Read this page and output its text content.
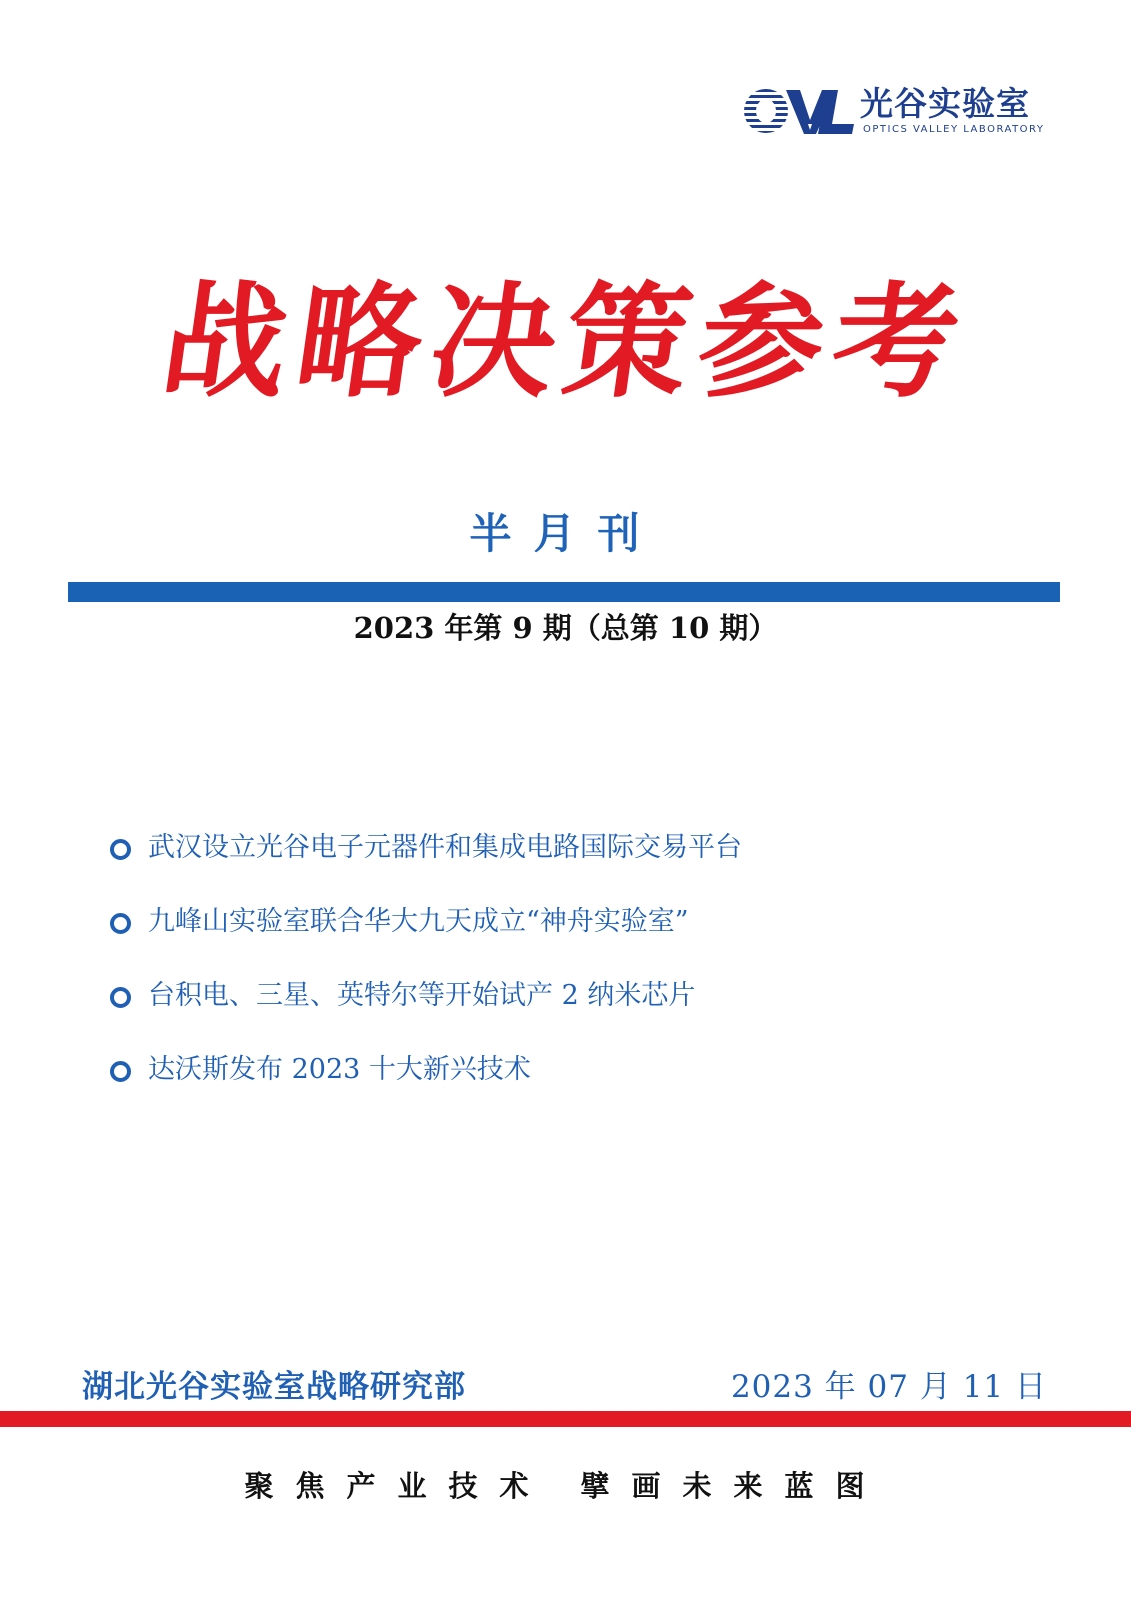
光谷实验室
OPTICS VALLEY LABORATORY
战略决策参考
半月刊
2023 年第 9 期（总第 10 期）
武汉设立光谷电子元器件和集成电路国际交易平台
九峰山实验室联合华大九天成立“神舟实验室”
台积电、三星、英特尔等开始试产 2 纳米芯片
达沃斯发布 2023 十大新兴技术
湖北光谷实验室战略研究部	2023 年 07 月 11 日
聚焦产业技术 擘画未来蓝图
